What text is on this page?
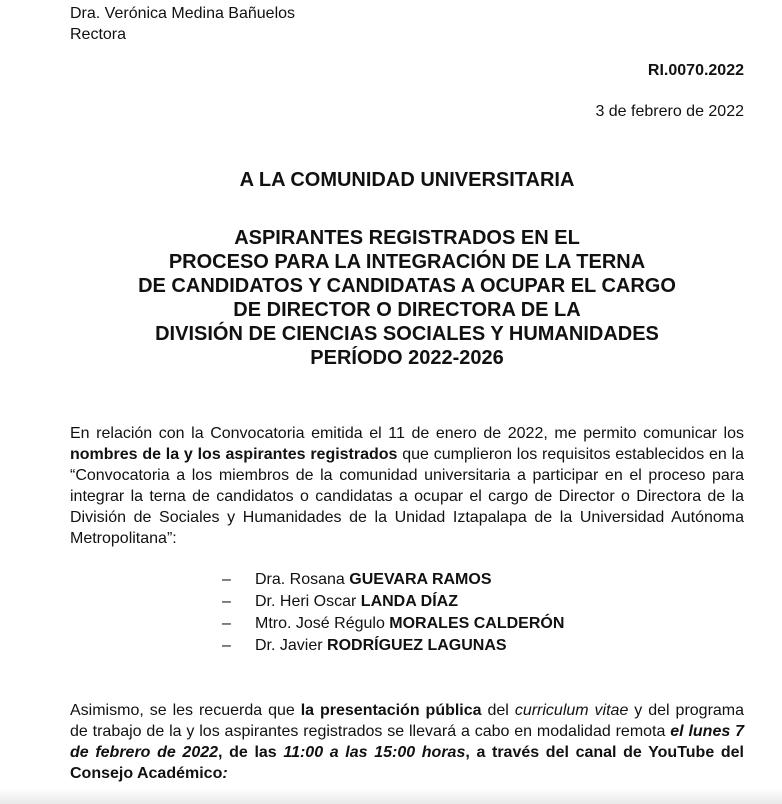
Dra. Verónica Medina Bañuelos
Rectora
RI.0070.2022
3 de febrero de 2022
A LA COMUNIDAD UNIVERSITARIA
ASPIRANTES REGISTRADOS EN EL
PROCESO PARA LA INTEGRACIÓN DE LA TERNA
DE CANDIDATOS Y CANDIDATAS A OCUPAR EL CARGO
DE DIRECTOR O DIRECTORA DE LA
DIVISIÓN DE CIENCIAS SOCIALES Y HUMANIDADES
PERÍODO 2022-2026
En relación con la Convocatoria emitida el 11 de enero de 2022, me permito comunicar los nombres de la y los aspirantes registrados que cumplieron los requisitos establecidos en la “Convocatoria a los miembros de la comunidad universitaria a participar en el proceso para integrar la terna de candidatos o candidatas a ocupar el cargo de Director o Directora de la División de Sociales y Humanidades de la Unidad Iztapalapa de la Universidad Autónoma Metropolitana”:
– Dra. Rosana GUEVARA RAMOS
– Dr. Heri Oscar LANDA DÍAZ
– Mtro. José Régulo MORALES CALDERÓN
– Dr. Javier RODRÍGUEZ LAGUNAS
Asimismo, se les recuerda que la presentación pública del curriculum vitae y del programa de trabajo de la y los aspirantes registrados se llevará a cabo en modalidad remota el lunes 7 de febrero de 2022, de las 11:00 a las 15:00 horas, a través del canal de YouTube del Consejo Académico:
